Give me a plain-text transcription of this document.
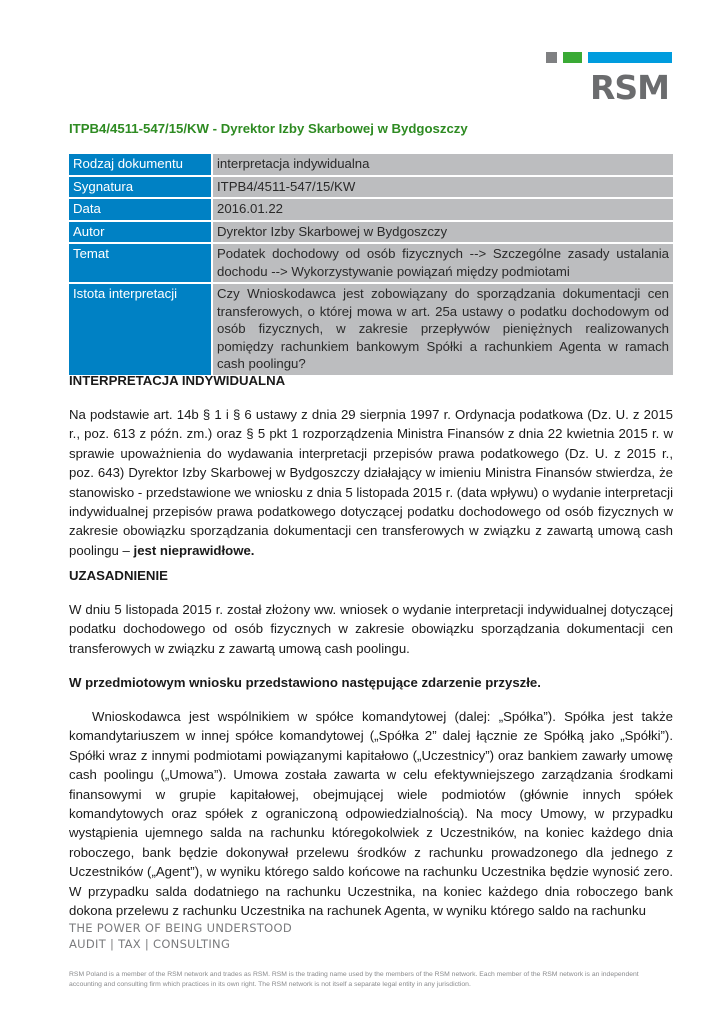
RSM
ITPB4/4511-547/15/KW - Dyrektor Izby Skarbowej w Bydgoszczy
Rodzaj dokumentu	interpretacja indywidualna
Sygnatura	ITPB4/4511-547/15/KW
Data	2016.01.22
Autor	Dyrektor Izby Skarbowej w Bydgoszczy
Temat	Podatek dochodowy od osób fizycznych --> Szczególne zasady ustalania dochodu --> Wykorzystywanie powiązań między podmiotami
Istota interpretacji	Czy Wnioskodawca jest zobowiązany do sporządzania dokumentacji cen transferowych, o której mowa w art. 25a ustawy o podatku dochodowym od osób fizycznych, w zakresie przepływów pieniężnych realizowanych pomiędzy rachunkiem bankowym Spółki a rachunkiem Agenta w ramach cash poolingu?
INTERPRETACJA INDYWIDUALNA
Na podstawie art. 14b § 1 i § 6 ustawy z dnia 29 sierpnia 1997 r. Ordynacja podatkowa (Dz. U. z 2015 r., poz. 613 z późn. zm.) oraz § 5 pkt 1 rozporządzenia Ministra Finansów z dnia 22 kwietnia 2015 r. w sprawie upoważnienia do wydawania interpretacji przepisów prawa podatkowego (Dz. U. z 2015 r., poz. 643) Dyrektor Izby Skarbowej w Bydgoszczy działający w imieniu Ministra Finansów stwierdza, że stanowisko - przedstawione we wniosku z dnia 5 listopada 2015 r. (data wpływu) o wydanie interpretacji indywidualnej przepisów prawa podatkowego dotyczącej podatku dochodowego od osób fizycznych w zakresie obowiązku sporządzania dokumentacji cen transferowych w związku z zawartą umową cash poolingu – jest nieprawidłowe.
UZASADNIENIE
W dniu 5 listopada 2015 r. został złożony ww. wniosek o wydanie interpretacji indywidualnej dotyczącej podatku dochodowego od osób fizycznych w zakresie obowiązku sporządzania dokumentacji cen transferowych w związku z zawartą umową cash poolingu.
W przedmiotowym wniosku przedstawiono następujące zdarzenie przyszłe.
Wnioskodawca jest wspólnikiem w spółce komandytowej (dalej: „Spółka”). Spółka jest także komandytariuszem w innej spółce komandytowej („Spółka 2” dalej łącznie ze Spółką jako „Spółki”). Spółki wraz z innymi podmiotami powiązanymi kapitałowo („Uczestnicy”) oraz bankiem zawarły umowę cash poolingu („Umowa”). Umowa została zawarta w celu efektywniejszego zarządzania środkami finansowymi w grupie kapitałowej, obejmującej wiele podmiotów (głównie innych spółek komandytowych oraz spółek z ograniczoną odpowiedzialnością). Na mocy Umowy, w przypadku wystąpienia ujemnego salda na rachunku któregokolwiek z Uczestników, na koniec każdego dnia roboczego, bank będzie dokonywał przelewu środków z rachunku prowadzonego dla jednego z Uczestników („Agent”), w wyniku którego saldo końcowe na rachunku Uczestnika będzie wynosić zero. W przypadku salda dodatniego na rachunku Uczestnika, na koniec każdego dnia roboczego bank dokona przelewu z rachunku Uczestnika na rachunek Agenta, w wyniku którego saldo na rachunku
THE POWER OF BEING UNDERSTOOD
AUDIT | TAX | CONSULTING
RSM Poland is a member of the RSM network and trades as RSM. RSM is the trading name used by the members of the RSM network. Each member of the RSM network is an independent accounting and consulting firm which practices in its own right. The RSM network is not itself a separate legal entity in any jurisdiction.
